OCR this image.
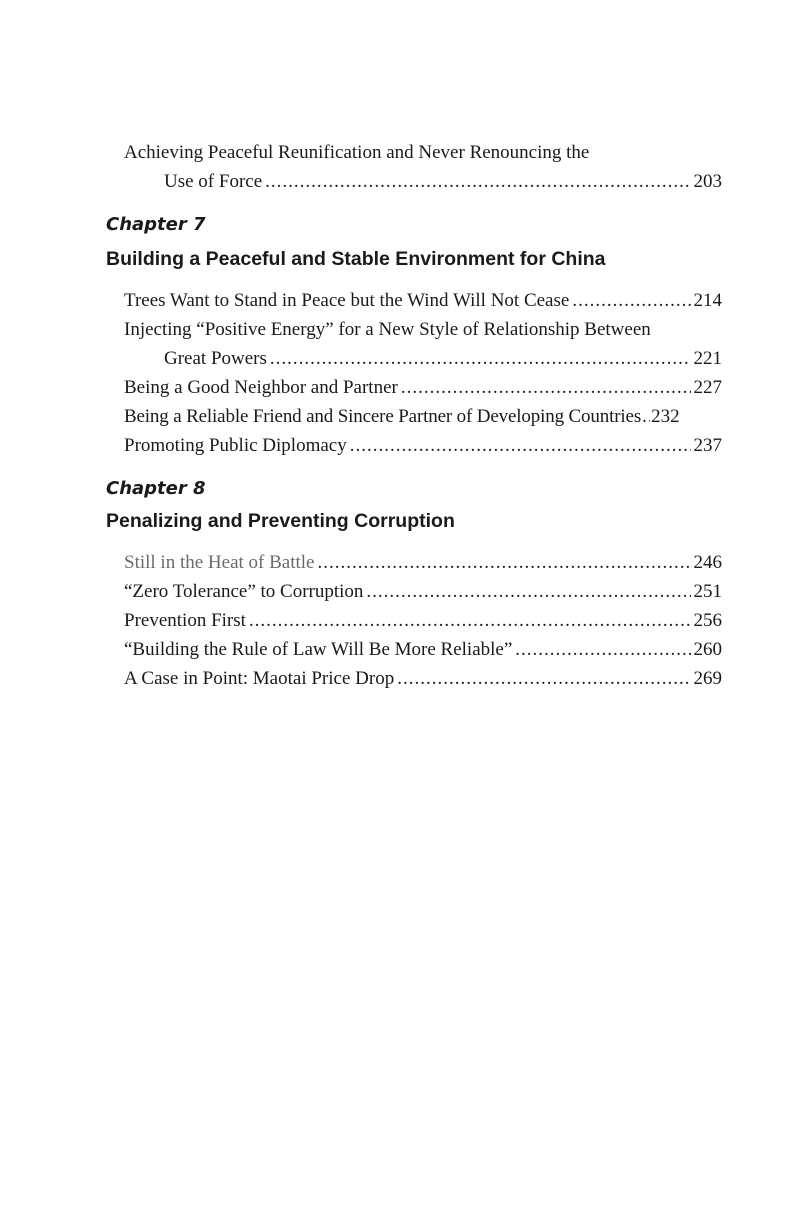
Achieving Peaceful Reunification and Never Renouncing the
Use of Force .....	203
Chapter 7
Building a Peaceful and Stable Environment for China
Trees Want to Stand in Peace but the Wind Will Not Cease .....	214
Injecting “Positive Energy” for a New Style of Relationship Between
Great Powers .....	221
Being a Good Neighbor and Partner .....	227
Being a Reliable Friend and Sincere Partner of Developing Countries ..... 232
Promoting Public Diplomacy .....	237
Chapter 8
Penalizing and Preventing Corruption
Still in the Heat of Battle .....	246
“Zero Tolerance” to Corruption .....	251
Prevention First .....	256
“Building the Rule of Law Will Be More Reliable” .....	260
A Case in Point: Maotai Price Drop .....	269
